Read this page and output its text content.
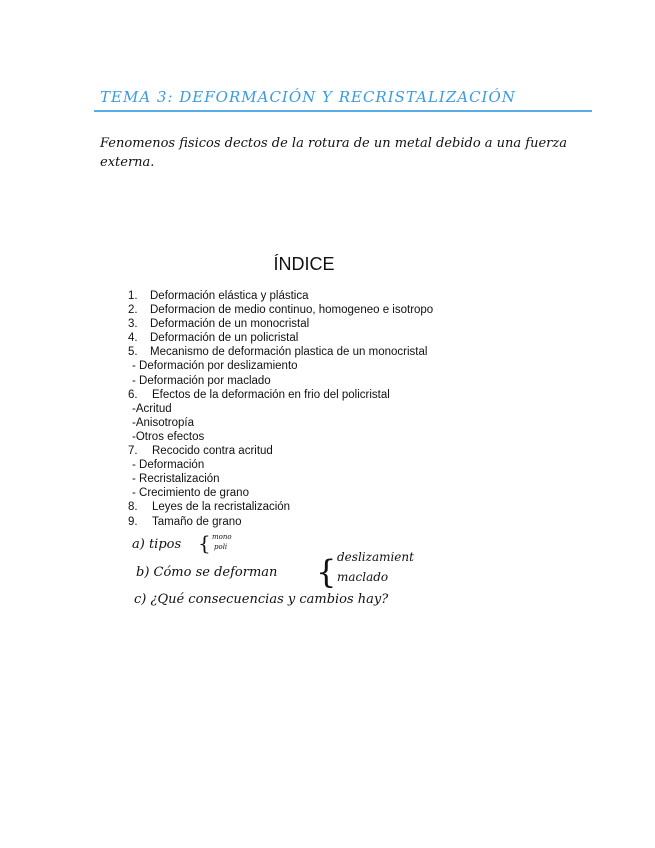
TEMA 3: DEFORMACIÓN Y RECRISTALIZACIÓN
Fenomenos fisicos dectos de la rotura de un metal debido a una fuerza externa.
ÍNDICE
1. Deformación elástica y plástica
2. Deformacion de medio continuo, homogeneo e isotropo
3. Deformación de un monocristal
4. Deformación de un policristal
5. Mecanismo de deformación plastica de un monocristal
- Deformación por deslizamiento
- Deformación por maclado
6. Efectos de la deformación en frio del policristal
-Acritud
-Anisotropía
-Otros efectos
7. Recocido contra acritud
- Deformación
- Recristalización
- Crecimiento de grano
8. Leyes de la recristalización
9. Tamaño de grano
a) tipos { mono
poli
b) Cómo se deforman { deslizamient
maclado
c) ¿Qué consecuencias y cambios hay?
